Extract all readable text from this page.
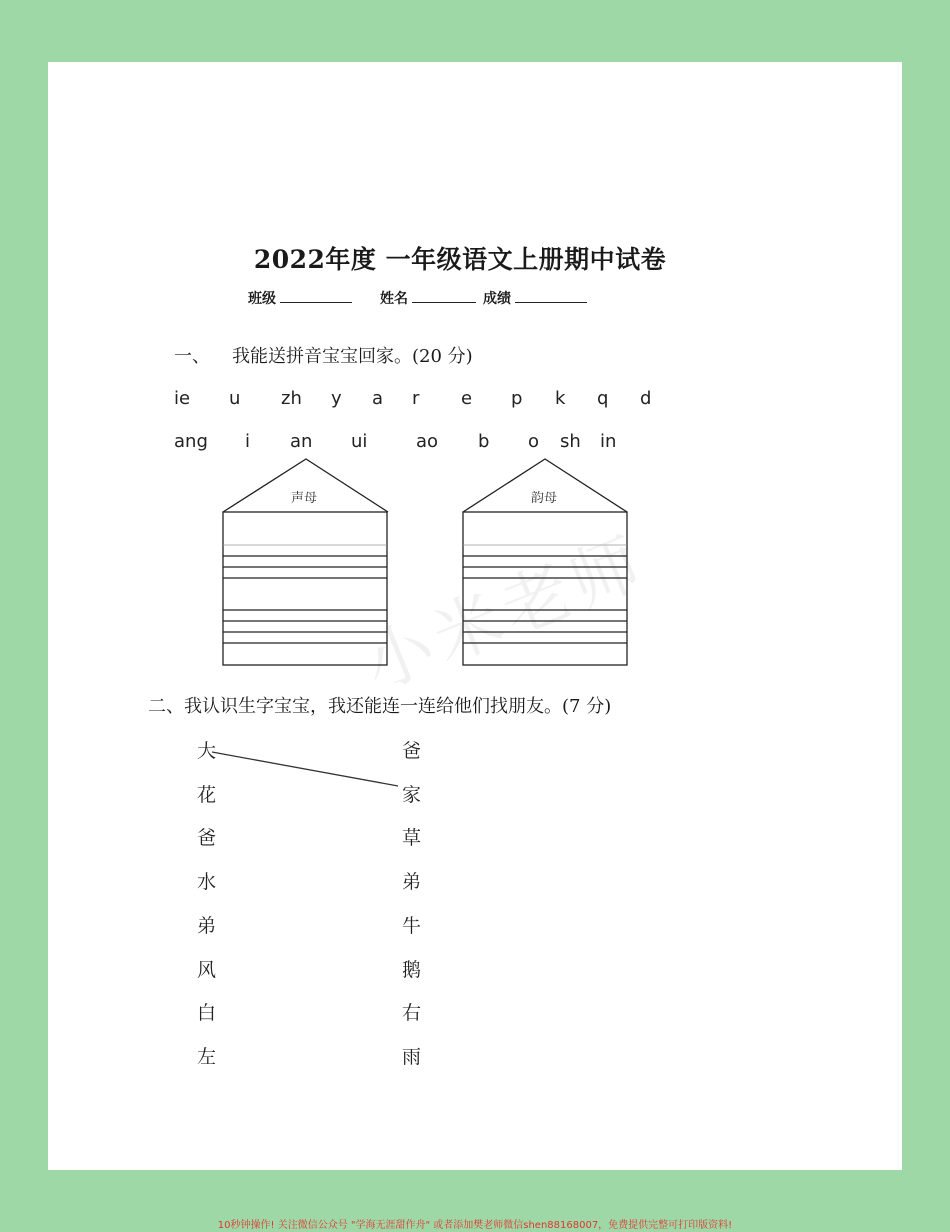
小米老师
2022年度 一年级语文上册期中试卷
班级	姓名	成绩
一、 我能送拼音宝宝回家。(20 分)
ie u zh y a r e p k q d
ang i an ui	ao b o sh in
声母	韵母
二、我认识生字宝宝，我还能连一连给他们找朋友。(7 分)
大
花
爸
水
弟
风
白
左
爸
家
草
弟
牛
鹅
右
雨
10秒钟操作! 关注微信公众号 "学海无涯甜作舟" 或者添加樊老师微信shen88168007，免费提供完整可打印版资料!
